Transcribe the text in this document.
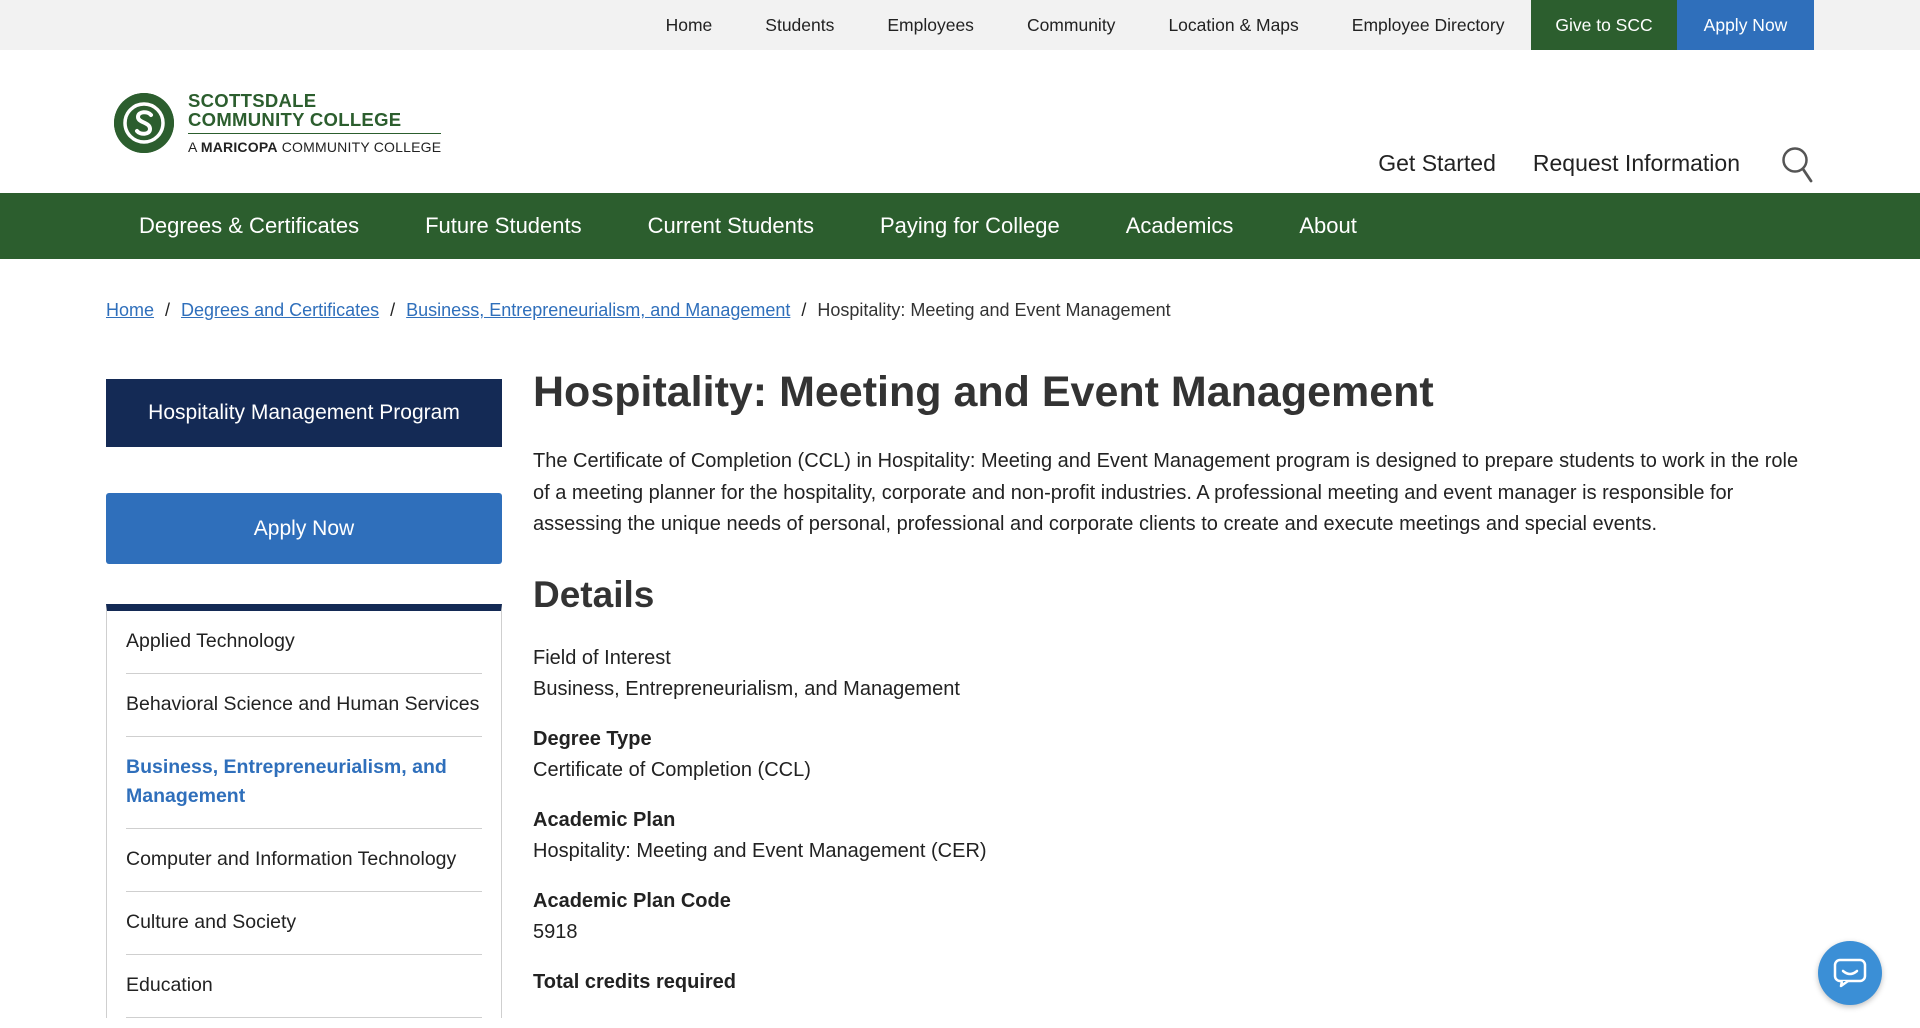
Home	Students	Employees	Community	Location & Maps	Employee Directory	Give to SCC	Apply Now
SCOTTSDALE
COMMUNITY COLLEGE
A MARICOPA COMMUNITY COLLEGE
Get Started Request Information
Degrees & Certificates	Future Students	Current Students	Paying for College	Academics	About
Home / Degrees and Certificates / Business, Entrepreneurialism, and Management / Hospitality: Meeting and Event Management
Hospitality Management Program
Apply Now
Applied Technology
Behavioral Science and Human Services
Business, Entrepreneurialism, and Management
Computer and Information Technology
Culture and Society
Education
Hospitality: Meeting and Event Management

The Certificate of Completion (CCL) in Hospitality: Meeting and Event Management program is designed to prepare students to work in the role of a meeting planner for the hospitality, corporate and non-profit industries. A professional meeting and event manager is responsible for assessing the unique needs of personal, professional and corporate clients to create and execute meetings and special events.

Details
Field of Interest
Business, Entrepreneurialism, and Management
Degree Type
Certificate of Completion (CCL)
Academic Plan
Hospitality: Meeting and Event Management (CER)
Academic Plan Code
5918
Total credits required
